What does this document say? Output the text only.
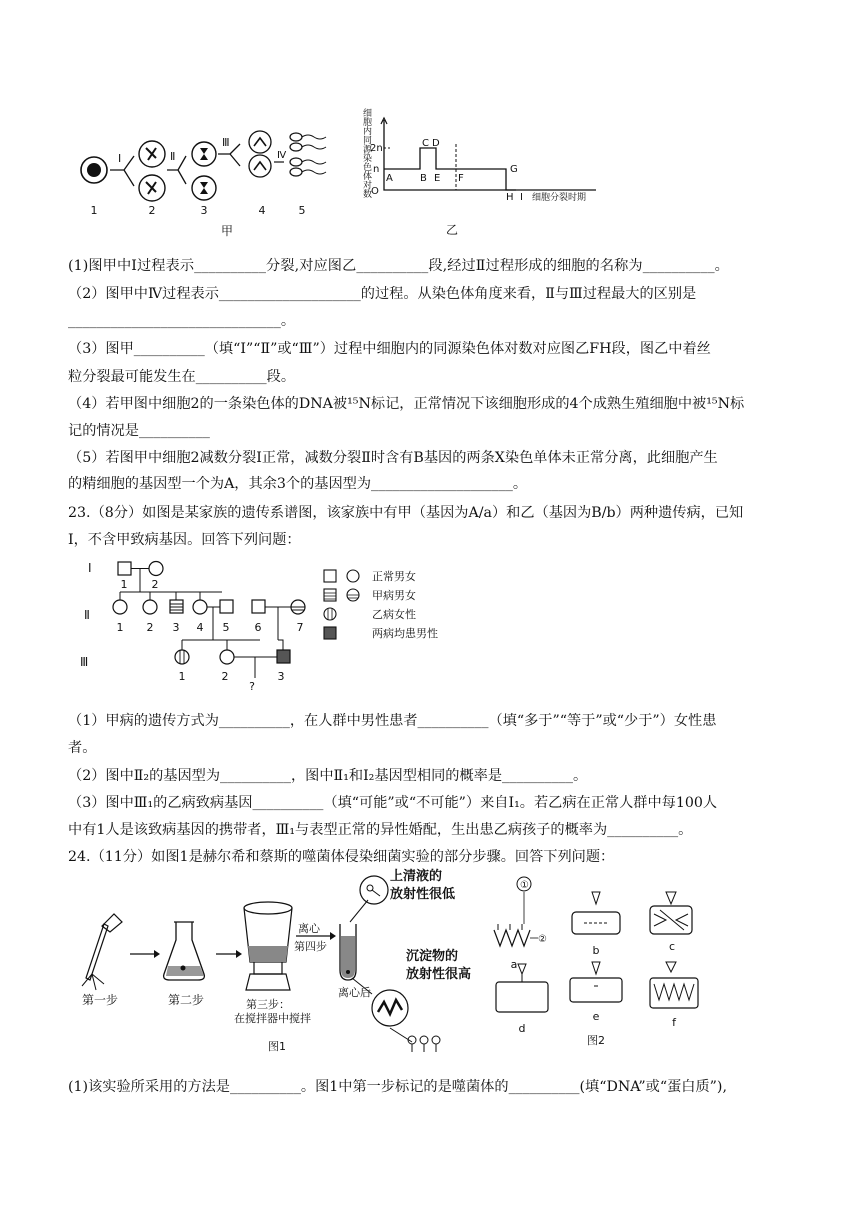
Ⅰ	Ⅱ
Ⅲ
Ⅳ
1	2	3	4	5
甲
细胞内同源染色体对数 2n
n
O
A	B
C D
E F
G
H I 细胞分裂时期
乙
(1)图甲中Ⅰ过程表示__________分裂,对应图乙__________段,经过Ⅱ过程形成的细胞的名称为__________。
（2）图甲中Ⅳ过程表示____________________的过程。从染色体角度来看，Ⅱ与Ⅲ过程最大的区别是
______________________________。
（3）图甲__________（填“Ⅰ”“Ⅱ”或“Ⅲ”）过程中细胞内的同源染色体对数对应图乙FH段，图乙中着丝
粒分裂最可能发生在__________段。
（4）若甲图中细胞2的一条染色体的DNA被¹⁵N标记，正常情况下该细胞形成的4个成熟生殖细胞中被¹⁵N标
记的情况是__________
（5）若图甲中细胞2减数分裂Ⅰ正常，减数分裂Ⅱ时含有B基因的两条X染色单体未正常分离，此细胞产生
的精细胞的基因型一个为A，其余3个的基因型为____________________。
23.（8分）如图是某家族的遗传系谱图，该家族中有甲（基因为A/a）和乙（基因为B/b）两种遗传病，已知
Ⅰ，不含甲致病基因。回答下列问题：
Ⅰ
Ⅱ
Ⅲ
1 2
1 2 3 4 5 6	7
1	2	3
?
正常男女
甲病男女
乙病女性
两病均患男性
（1）甲病的遗传方式为__________，在人群中男性患者__________（填“多于”“等于”或“少于”）女性患
者。
（2）图中Ⅱ₂的基因型为__________，图中Ⅱ₁和Ⅰ₂基因型相同的概率是__________。
（3）图中Ⅲ₁的乙病致病基因__________（填“可能”或“不可能”）来自Ⅰ₁。若乙病在正常人群中每100人
中有1人是该致病基因的携带者，Ⅲ₁与表型正常的异性婚配，生出患乙病孩子的概率为__________。
24.（11分）如图1是赫尔希和蔡斯的噬菌体侵染细菌实验的部分步骤。回答下列问题：
第一步	第二步	第三步：
在搅拌器中搅拌
离心
第四步
离心后
上清液的
放射性很低
沉淀物的
放射性很高
图1
①
②
a
b	c
d
e	f
图2
(1)该实验所采用的方法是__________。图1中第一步标记的是噬菌体的__________(填“DNA”或“蛋白质”),
